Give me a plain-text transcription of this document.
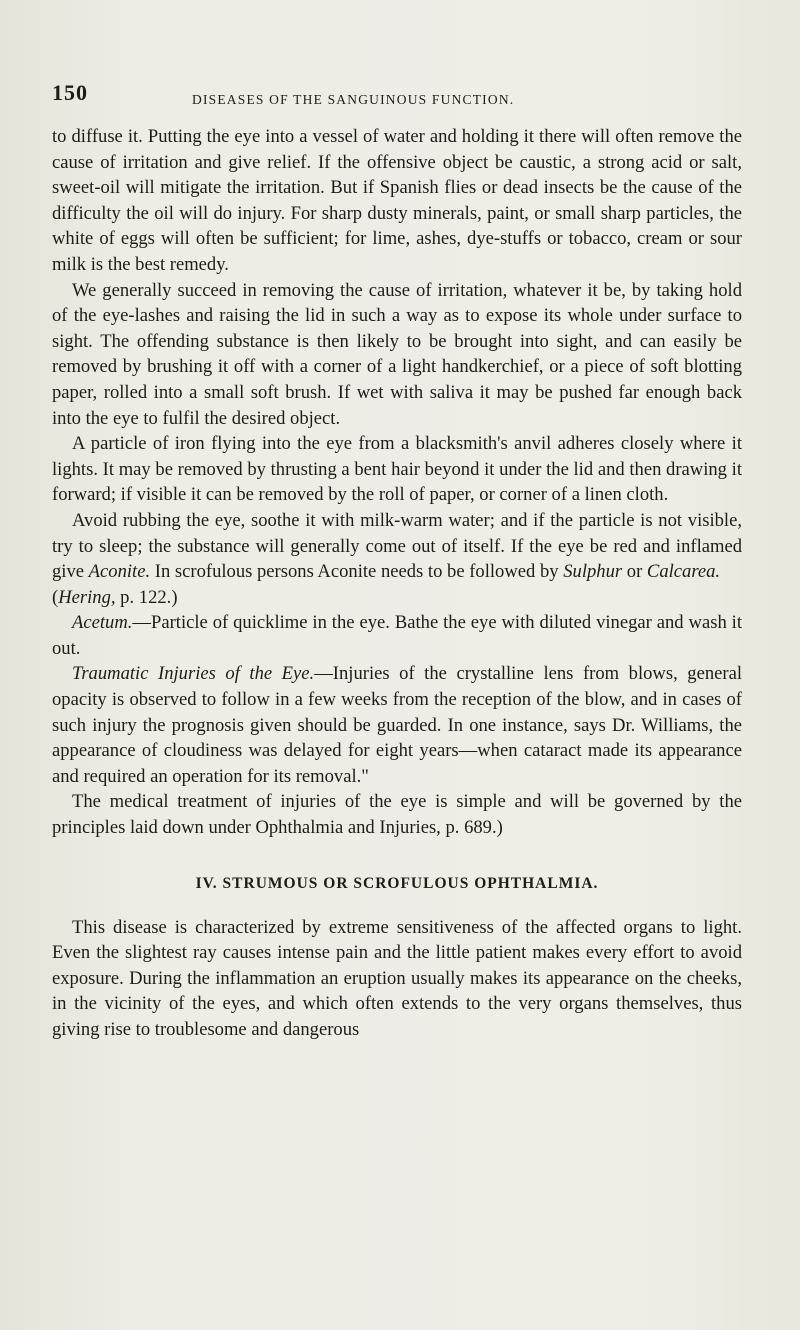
150	DISEASES OF THE SANGUINOUS FUNCTION.

to diffuse it. Putting the eye into a vessel of water and holding it there will often remove the cause of irritation and give relief. If the offensive object be caustic, a strong acid or salt, sweet-oil will mitigate the irritation. But if Spanish flies or dead insects be the cause of the difficulty the oil will do injury. For sharp dusty minerals, paint, or small sharp particles, the white of eggs will often be sufficient; for lime, ashes, dye-stuffs or tobacco, cream or sour milk is the best remedy.

We generally succeed in removing the cause of irritation, whatever it be, by taking hold of the eye-lashes and raising the lid in such a way as to expose its whole under surface to sight. The offending substance is then likely to be brought into sight, and can easily be removed by brushing it off with a corner of a light handkerchief, or a piece of soft blotting paper, rolled into a small soft brush. If wet with saliva it may be pushed far enough back into the eye to fulfil the desired object.

A particle of iron flying into the eye from a blacksmith's anvil adheres closely where it lights. It may be removed by thrusting a bent hair beyond it under the lid and then drawing it forward; if visible it can be removed by the roll of paper, or corner of a linen cloth.

Avoid rubbing the eye, soothe it with milk-warm water; and if the particle is not visible, try to sleep; the substance will generally come out of itself. If the eye be red and inflamed give Aconite. In scrofulous persons Aconite needs to be followed by Sulphur or Calcarea.
(Hering, p. 122.)

Acetum.—Particle of quicklime in the eye. Bathe the eye with diluted vinegar and wash it out.

Traumatic Injuries of the Eye.—Injuries of the crystalline lens from blows, general opacity is observed to follow in a few weeks from the reception of the blow, and in cases of such injury the prognosis given should be guarded. In one instance, says Dr. Williams, the appearance of cloudiness was delayed for eight years—when cataract made its appearance and required an operation for its removal."

The medical treatment of injuries of the eye is simple and will be governed by the principles laid down under Ophthalmia and Injuries, p. 689.)

IV. STRUMOUS OR SCROFULOUS OPHTHALMIA.

This disease is characterized by extreme sensitiveness of the affected organs to light. Even the slightest ray causes intense pain and the little patient makes every effort to avoid exposure. During the inflammation an eruption usually makes its appearance on the cheeks, in the vicinity of the eyes, and which often extends to the very organs themselves, thus giving rise to troublesome and dangerous
